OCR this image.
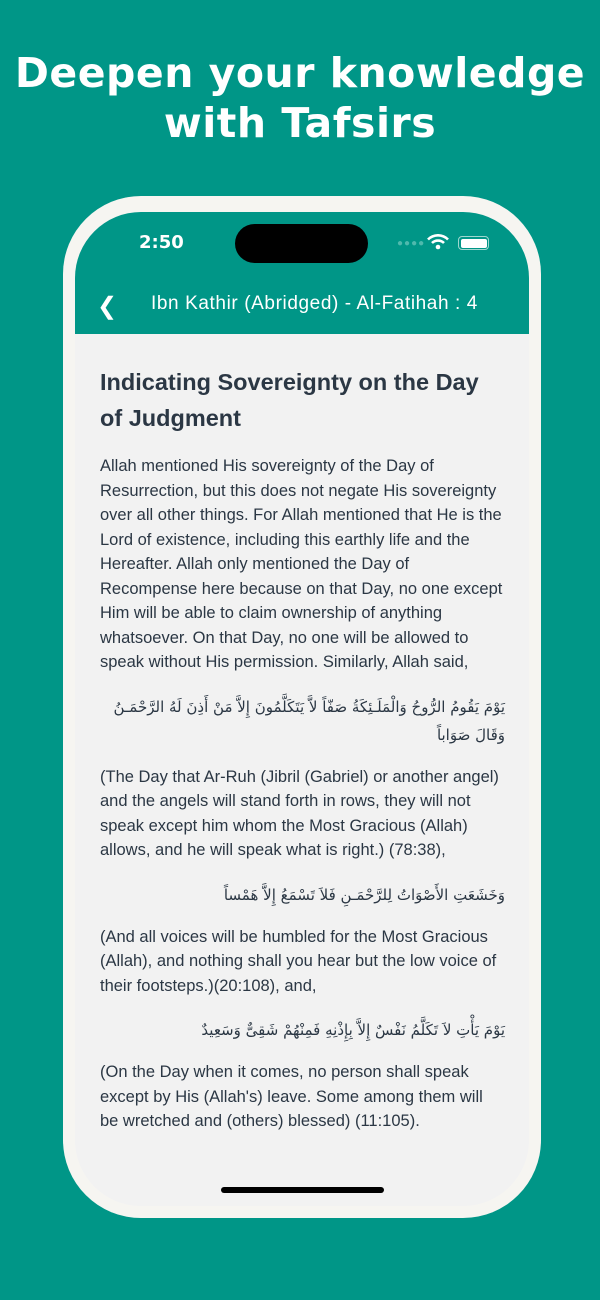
Deepen your knowledge
with Tafsirs
2:50	●●●●
❮ Ibn Kathir (Abridged) - Al-Fatihah : 4
Indicating Sovereignty on the Day of Judgment

Allah mentioned His sovereignty of the Day of Resurrection, but this does not negate His sovereignty over all other things. For Allah mentioned that He is the Lord of existence, including this earthly life and the Hereafter. Allah only mentioned the Day of Recompense here because on that Day, no one except Him will be able to claim ownership of anything whatsoever. On that Day, no one will be allowed to speak without His permission. Similarly, Allah said,

يَوْمَ يَقُومُ الرُّوحُ وَالْمَلَـئِكَةُ صَفّاً لاَّ يَتَكَلَّمُونَ إِلاَّ مَنْ أَذِنَ لَهُ الرَّحْمَـنُ وَقَالَ صَوَاباً

(The Day that Ar-Ruh (Jibril (Gabriel) or another angel) and the angels will stand forth in rows, they will not speak except him whom the Most Gracious (Allah) allows, and he will speak what is right.) (78:38),

وَخَشَعَتِ الأَصْوَاتُ لِلرَّحْمَـنِ فَلاَ تَسْمَعُ إِلاَّ هَمْساً

(And all voices will be humbled for the Most Gracious (Allah), and nothing shall you hear but the low voice of their footsteps.)(20:108), and,

يَوْمَ يَأْتِ لاَ تَكَلَّمُ نَفْسٌ إِلاَّ بِإِذْنِهِ فَمِنْهُمْ شَقِىٌّ وَسَعِيدٌ

(On the Day when it comes, no person shall speak except by His (Allah's) leave. Some among them will be wretched and (others) blessed) (11:105).
